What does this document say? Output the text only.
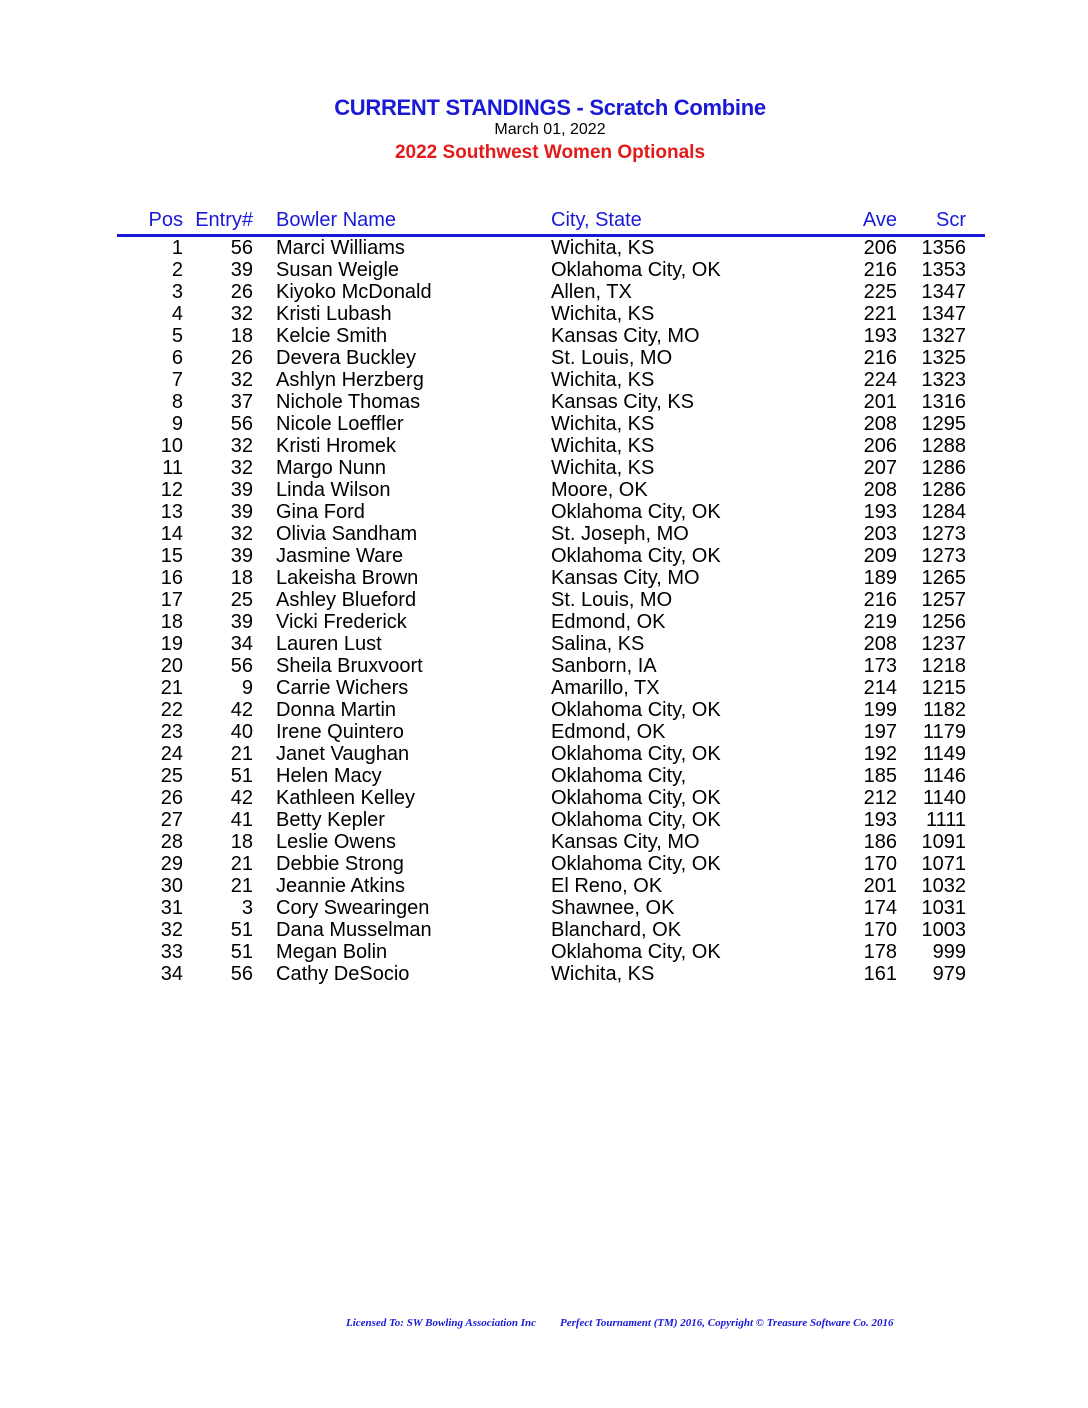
CURRENT STANDINGS - Scratch Combine
March 01, 2022
2022 Southwest Women Optionals
Pos Entry# Bowler Name	City, State	Ave Scr
1 56 Marci Williams	Wichita, KS	206 1356
2 39 Susan Weigle	Oklahoma City, OK	216 1353
3 26 Kiyoko McDonald	Allen, TX	225 1347
4 32 Kristi Lubash	Wichita, KS	221 1347
5 18 Kelcie Smith	Kansas City, MO	193 1327
6 26 Devera Buckley	St. Louis, MO	216 1325
7 32 Ashlyn Herzberg	Wichita, KS	224 1323
8 37 Nichole Thomas	Kansas City, KS	201 1316
9 56 Nicole Loeffler	Wichita, KS	208 1295
10 32 Kristi Hromek	Wichita, KS	206 1288
11 32 Margo Nunn	Wichita, KS	207 1286
12 39 Linda Wilson	Moore, OK	208 1286
13 39 Gina Ford	Oklahoma City, OK	193 1284
14 32 Olivia Sandham	St. Joseph, MO	203 1273
15 39 Jasmine Ware	Oklahoma City, OK	209 1273
16 18 Lakeisha Brown	Kansas City, MO	189 1265
17 25 Ashley Blueford	St. Louis, MO	216 1257
18 39 Vicki Frederick	Edmond, OK	219 1256
19 34 Lauren Lust	Salina, KS	208 1237
20 56 Sheila Bruxvoort	Sanborn, IA	173 1218
21	9 Carrie Wichers	Amarillo, TX	214 1215
22 42 Donna Martin	Oklahoma City, OK	199 1182
23 40 Irene Quintero	Edmond, OK	197 1179
24 21 Janet Vaughan	Oklahoma City, OK	192 1149
25 51 Helen Macy	Oklahoma City,	185 1146
26 42 Kathleen Kelley	Oklahoma City, OK	212 1140
27 41 Betty Kepler	Oklahoma City, OK	193 1111
28 18 Leslie Owens	Kansas City, MO	186 1091
29 21 Debbie Strong	Oklahoma City, OK	170 1071
30 21 Jeannie Atkins	El Reno, OK	201 1032
31	3 Cory Swearingen	Shawnee, OK	174 1031
32 51 Dana Musselman	Blanchard, OK	170 1003
33 51 Megan Bolin	Oklahoma City, OK	178 999
34 56 Cathy DeSocio	Wichita, KS	161 979
Licensed To: SW Bowling Association Inc Perfect Tournament (TM) 2016, Copyright © Treasure Software Co. 2016
